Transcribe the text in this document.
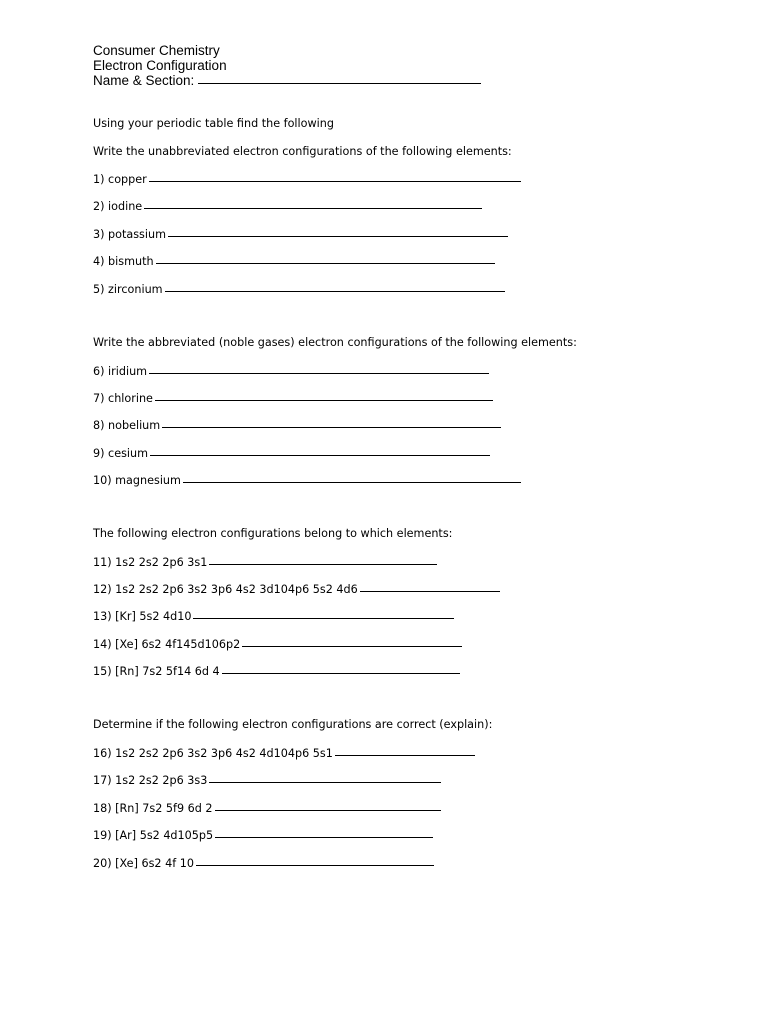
Consumer Chemistry
Electron Configuration
Name & Section:
Using your periodic table find the following
Write the unabbreviated electron configurations of the following elements:
1) copper
2) iodine
3) potassium
4) bismuth
5) zirconium
Write the abbreviated (noble gases) electron configurations of the following elements:
6) iridium
7) chlorine
8) nobelium
9) cesium
10) magnesium
The following electron configurations belong to which elements:
11) 1s2 2s2 2p6 3s1
12) 1s2 2s2 2p6 3s2 3p6 4s2 3d104p6 5s2 4d6
13) [Kr] 5s2 4d10
14) [Xe] 6s2 4f145d106p2
15) [Rn] 7s2 5f14 6d 4
Determine if the following electron configurations are correct (explain):
16) 1s2 2s2 2p6 3s2 3p6 4s2 4d104p6 5s1
17) 1s2 2s2 2p6 3s3
18) [Rn] 7s2 5f9 6d 2
19) [Ar] 5s2 4d105p5
20) [Xe] 6s2 4f 10
